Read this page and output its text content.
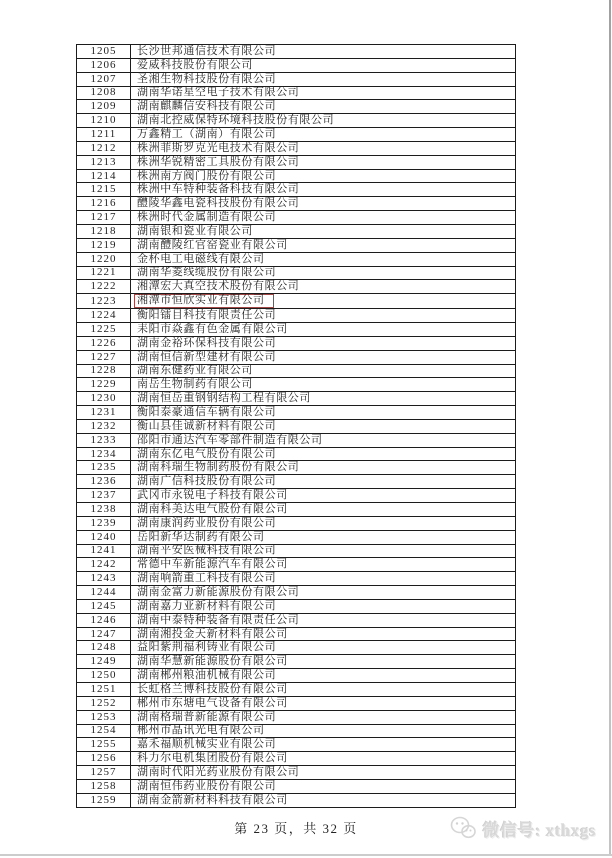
1205	长沙世邦通信技术有限公司
1206	爱威科技股份有限公司
1207	圣湘生物科技股份有限公司
1208	湖南华诺星空电子技术有限公司
1209	湖南麒麟信安科技有限公司
1210	湖南北控威保特环境科技股份有限公司
1211	万鑫精工（湖南）有限公司
1212	株洲菲斯罗克光电技术有限公司
1213	株洲华锐精密工具股份有限公司
1214	株洲南方阀门股份有限公司
1215	株洲中车特种装备科技有限公司
1216	醴陵华鑫电瓷科技股份有限公司
1217	株洲时代金属制造有限公司
1218	湖南银和瓷业有限公司
1219	湖南醴陵红官窑瓷业有限公司
1220	金杯电工电磁线有限公司
1221	湖南华菱线缆股份有限公司
1222	湘潭宏大真空技术股份有限公司
1223	湘潭市恒欣实业有限公司
1224	衡阳镭目科技有限责任公司
1225	耒阳市焱鑫有色金属有限公司
1226	湖南金裕环保科技有限公司
1227	湖南恒信新型建材有限公司
1228	湖南东健药业有限公司
1229	南岳生物制药有限公司
1230	湖南恒岳重钢钢结构工程有限公司
1231	衡阳泰豪通信车辆有限公司
1232	衡山县佳诚新材料有限公司
1233	邵阳市通达汽车零部件制造有限公司
1234	湖南东亿电气股份有限公司
1235	湖南科瑞生物制药股份有限公司
1236	湖南广信科技股份有限公司
1237	武冈市永锐电子科技有限公司
1238	湖南科美达电气股份有限公司
1239	湖南康润药业股份有限公司
1240	岳阳新华达制药有限公司
1241	湖南平安医械科技有限公司
1242	常德中车新能源汽车有限公司
1243	湖南响箭重工科技有限公司
1244	湖南金富力新能源股份有限公司
1245	湖南嘉力亚新材料有限公司
1246	湖南中泰特种装备有限责任公司
1247	湖南湘投金天新材料有限公司
1248	益阳紫荆福利铸业有限公司
1249	湖南华慧新能源股份有限公司
1250	湖南郴州粮油机械有限公司
1251	长虹格兰博科技股份有限公司
1252	郴州市东塘电气设备有限公司
1253	湖南格瑞普新能源有限公司
1254	郴州市晶讯光电有限公司
1255	嘉禾福顺机械实业有限公司
1256	科力尔电机集团股份有限公司
1257	湖南时代阳光药业股份有限公司
1258	湖南恒伟药业股份有限公司
1259	湖南金箭新材料科技有限公司
第 23 页，共 32 页	微信号: xthxgs
